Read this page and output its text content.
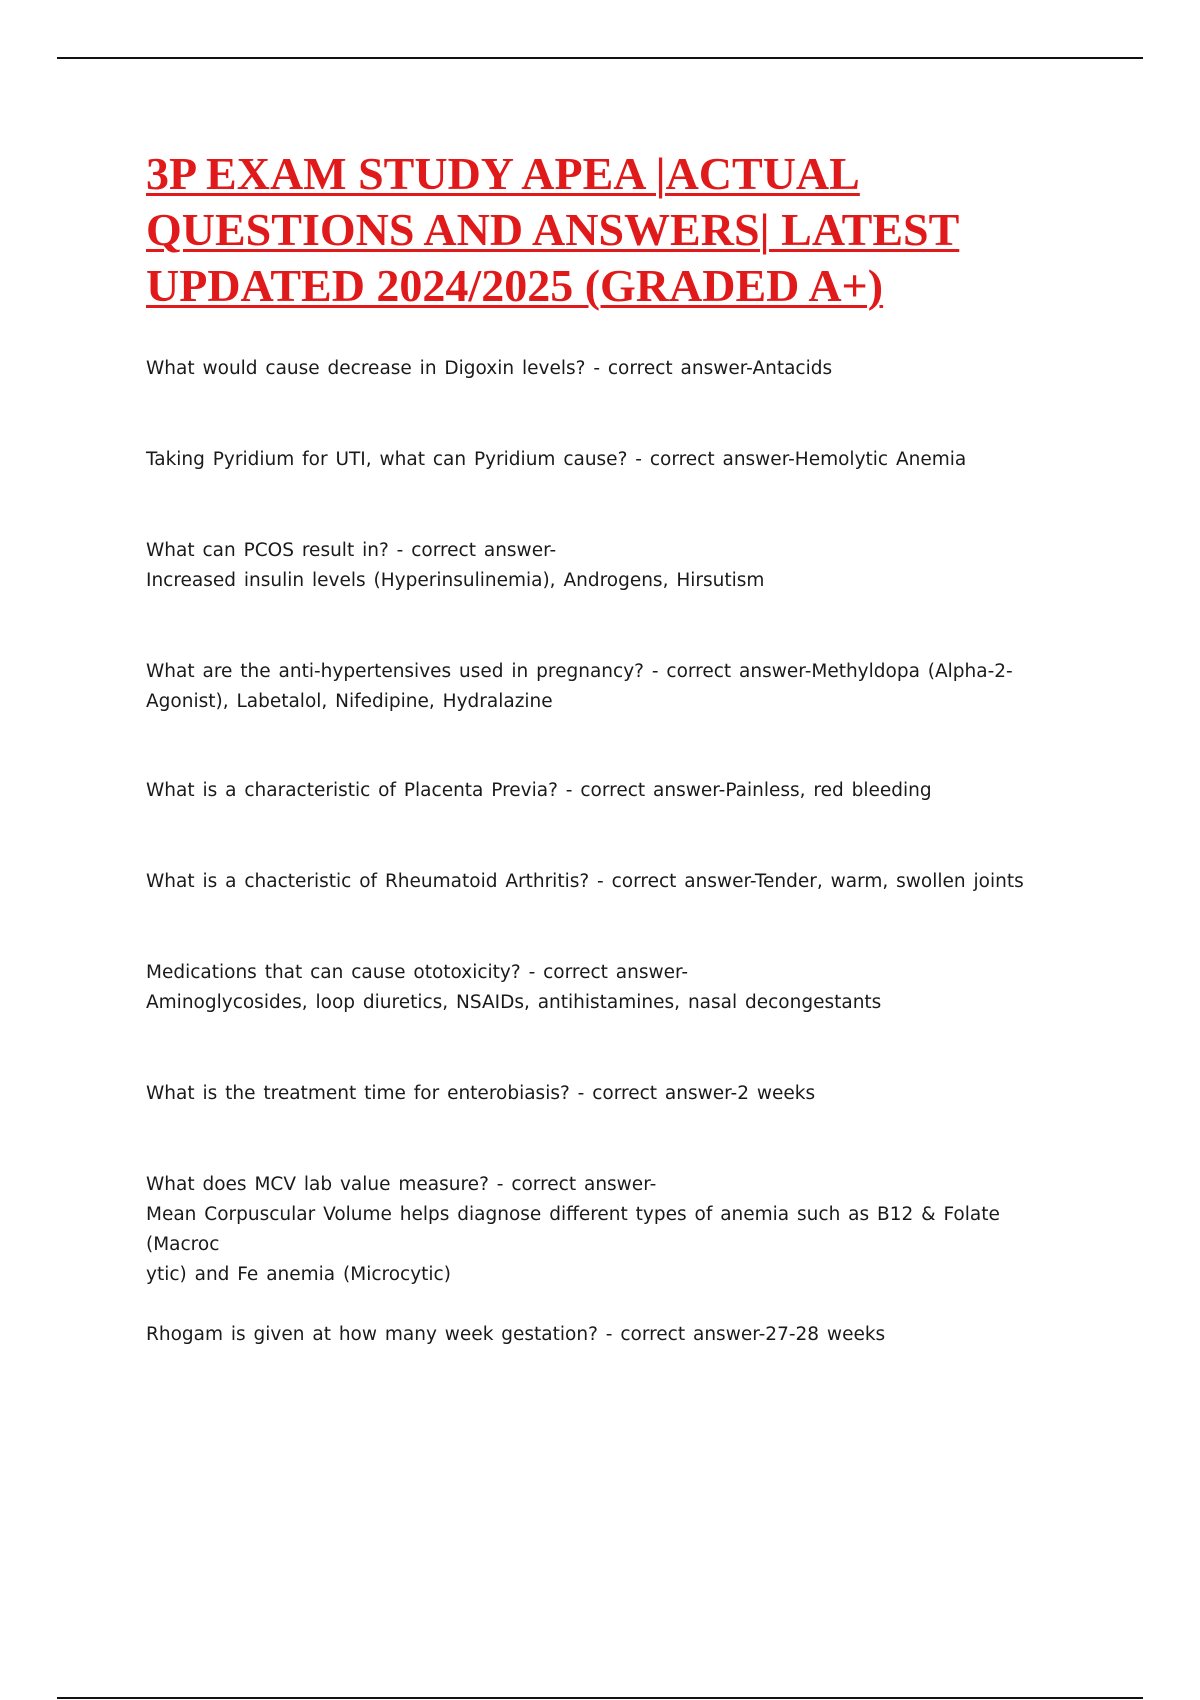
3P EXAM STUDY APEA |ACTUAL
QUESTIONS AND ANSWERS| LATEST
UPDATED 2024/2025 (GRADED A+)

What would cause decrease in Digoxin levels? - correct answer-Antacids

Taking Pyridium for UTI, what can Pyridium cause? - correct answer-Hemolytic Anemia

What can PCOS result in? - correct answer-
Increased insulin levels (Hyperinsulinemia), Androgens, Hirsutism

What are the anti-hypertensives used in pregnancy? - correct answer-Methyldopa (Alpha-2-
Agonist), Labetalol, Nifedipine, Hydralazine

What is a characteristic of Placenta Previa? - correct answer-Painless, red bleeding

What is a chacteristic of Rheumatoid Arthritis? - correct answer-Tender, warm, swollen joints

Medications that can cause ototoxicity? - correct answer-
Aminoglycosides, loop diuretics, NSAIDs, antihistamines, nasal decongestants

What is the treatment time for enterobiasis? - correct answer-2 weeks

What does MCV lab value measure? - correct answer-
Mean Corpuscular Volume helps diagnose different types of anemia such as B12 & Folate (Macroc
ytic) and Fe anemia (Microcytic)

Rhogam is given at how many week gestation? - correct answer-27-28 weeks
